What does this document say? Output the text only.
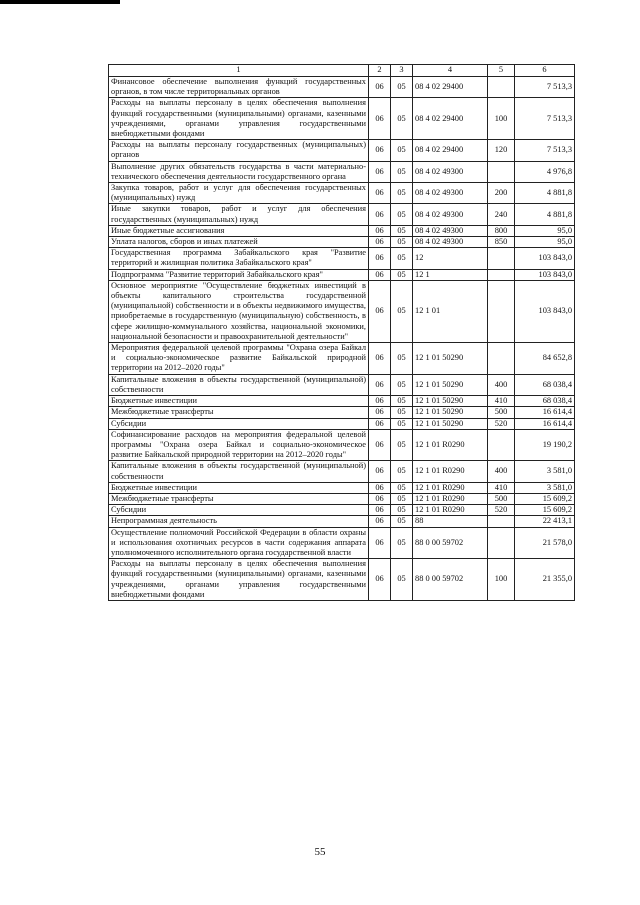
1	2	3	4	5	6
Финансовое обеспечение выполнения функций государственных органов, в том числе территориальных органов	06	05	08 4 02 29400		7 513,3
Расходы на выплаты персоналу в целях обеспечения выполнения функций государственными (муниципальными) органами, казенными учреждениями, органами управления государственными внебюджетными фондами	06	05	08 4 02 29400	100	7 513,3
Расходы на выплаты персоналу государственных (муниципальных) органов	06	05	08 4 02 29400	120	7 513,3
Выполнение других обязательств государства в части материально-технического обеспечения деятельности государственного органа	06	05	08 4 02 49300		4 976,8
Закупка товаров, работ и услуг для обеспечения государственных (муниципальных) нужд	06	05	08 4 02 49300	200	4 881,8
Иные закупки товаров, работ и услуг для обеспечения государственных (муниципальных) нужд	06	05	08 4 02 49300	240	4 881,8
Иные бюджетные ассигнования	06	05	08 4 02 49300	800	95,0
Уплата налогов, сборов и иных платежей	06	05	08 4 02 49300	850	95,0
Государственная программа Забайкальского края "Развитие территорий и жилищная политика Забайкальского края"	06	05	12		103 843,0
Подпрограмма "Развитие территорий Забайкальского края"	06	05	12 1		103 843,0
Основное мероприятие "Осуществление бюджетных инвестиций в объекты капитального строительства государственной (муниципальной) собственности и в объекты недвижимого имущества, приобретаемые в государственную (муниципальную) собственность, в сфере жилищно-коммунального хозяйства, национальной экономики, национальной безопасности и правоохранительной деятельности"	06	05	12 1 01		103 843,0
Мероприятия федеральной целевой программы "Охрана озера Байкал и социально-экономическое развитие Байкальской природной территории на 2012–2020 годы"	06	05	12 1 01 50290		84 652,8
Капитальные вложения в объекты государственной (муниципальной) собственности	06	05	12 1 01 50290	400	68 038,4
Бюджетные инвестиции	06	05	12 1 01 50290	410	68 038,4
Межбюджетные трансферты	06	05	12 1 01 50290	500	16 614,4
Субсидии	06	05	12 1 01 50290	520	16 614,4
Софинансирование расходов на мероприятия федеральной целевой программы "Охрана озера Байкал и социально-экономическое развитие Байкальской природной территории на 2012–2020 годы"	06	05	12 1 01 R0290		19 190,2
Капитальные вложения в объекты государственной (муниципальной) собственности	06	05	12 1 01 R0290	400	3 581,0
Бюджетные инвестиции	06	05	12 1 01 R0290	410	3 581,0
Межбюджетные трансферты	06	05	12 1 01 R0290	500	15 609,2
Субсидии	06	05	12 1 01 R0290	520	15 609,2
Непрограммная деятельность	06	05	88		22 413,1
Осуществление полномочий Российской Федерации в области охраны и использования охотничьих ресурсов в части содержания аппарата уполномоченного исполнительного органа государственной власти	06	05	88 0 00 59702		21 578,0
Расходы на выплаты персоналу в целях обеспечения выполнения функций государственными (муниципальными) органами, казенными учреждениями, органами управления государственными внебюджетными фондами	06	05	88 0 00 59702	100	21 355,0
55
